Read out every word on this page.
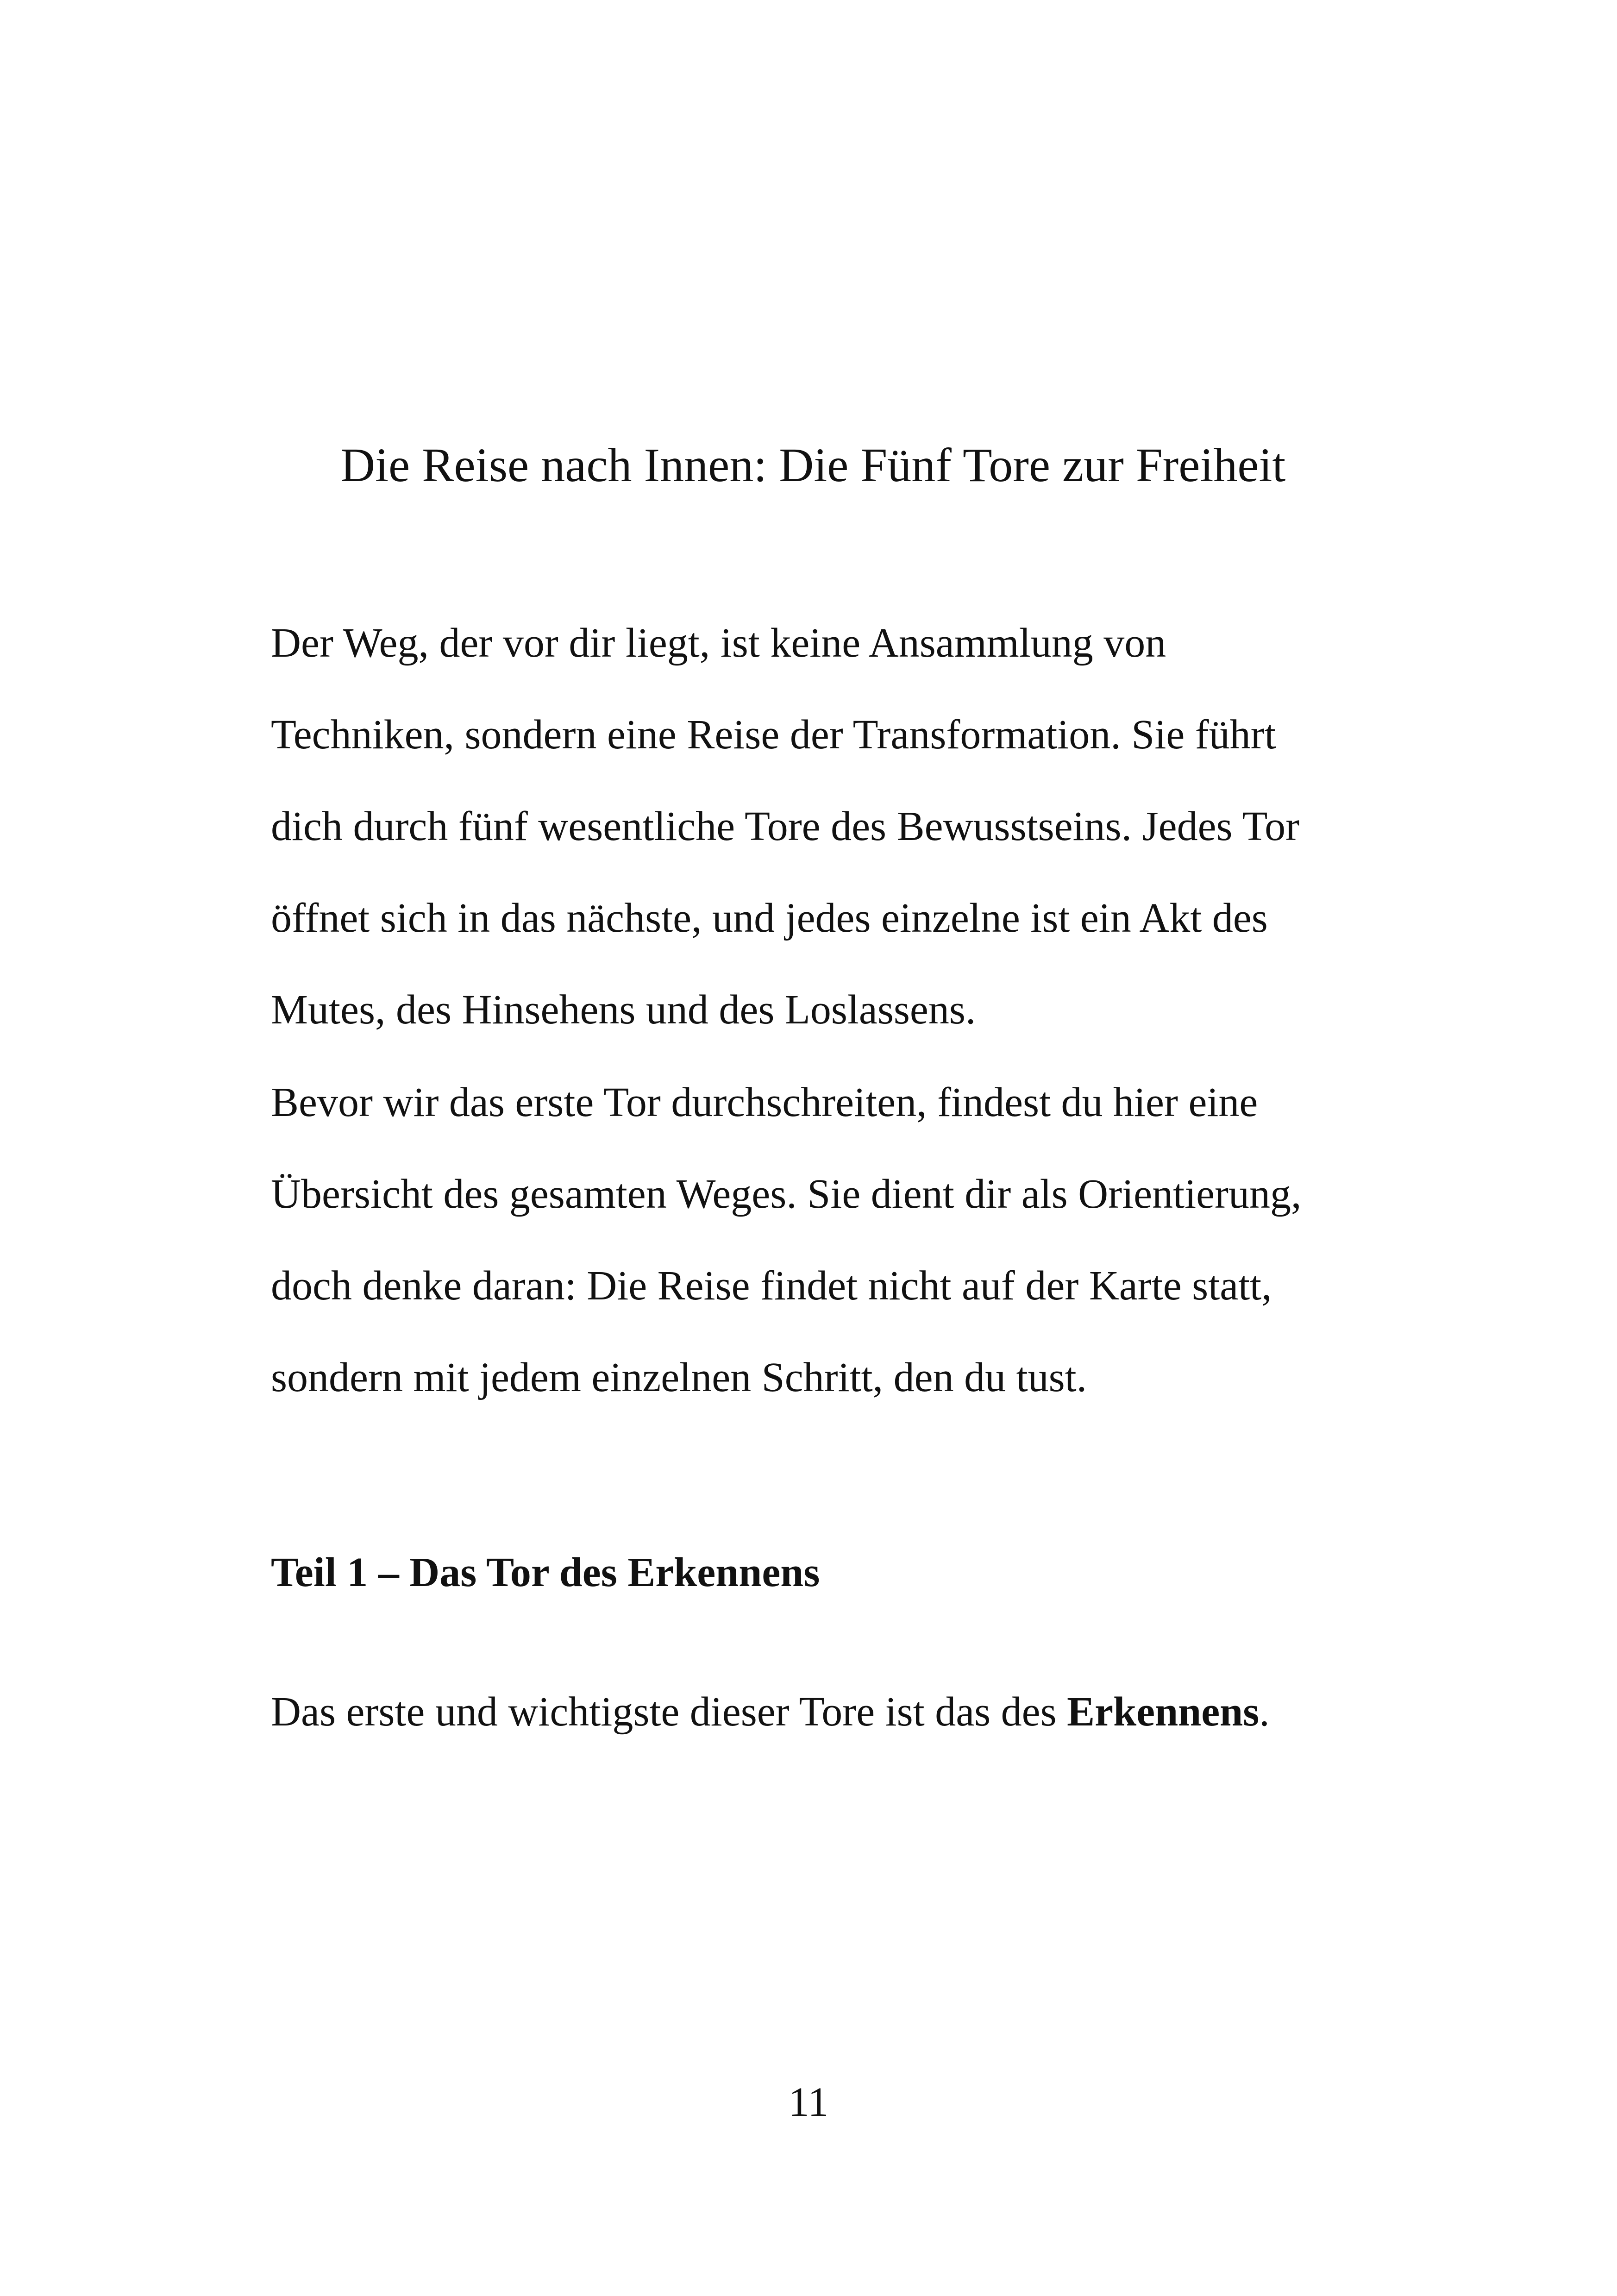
Die Reise nach Innen: Die Fünf Tore zur Freiheit

Der Weg, der vor dir liegt, ist keine Ansammlung von
Techniken, sondern eine Reise der Transformation. Sie führt
dich durch fünf wesentliche Tore des Bewusstseins. Jedes Tor
öffnet sich in das nächste, und jedes einzelne ist ein Akt des
Mutes, des Hinsehens und des Loslassens.

Bevor wir das erste Tor durchschreiten, findest du hier eine
Übersicht des gesamten Weges. Sie dient dir als Orientierung,
doch denke daran: Die Reise findet nicht auf der Karte statt,
sondern mit jedem einzelnen Schritt, den du tust.

Teil 1 – Das Tor des Erkennens

Das erste und wichtigste dieser Tore ist das des Erkennens.

11
